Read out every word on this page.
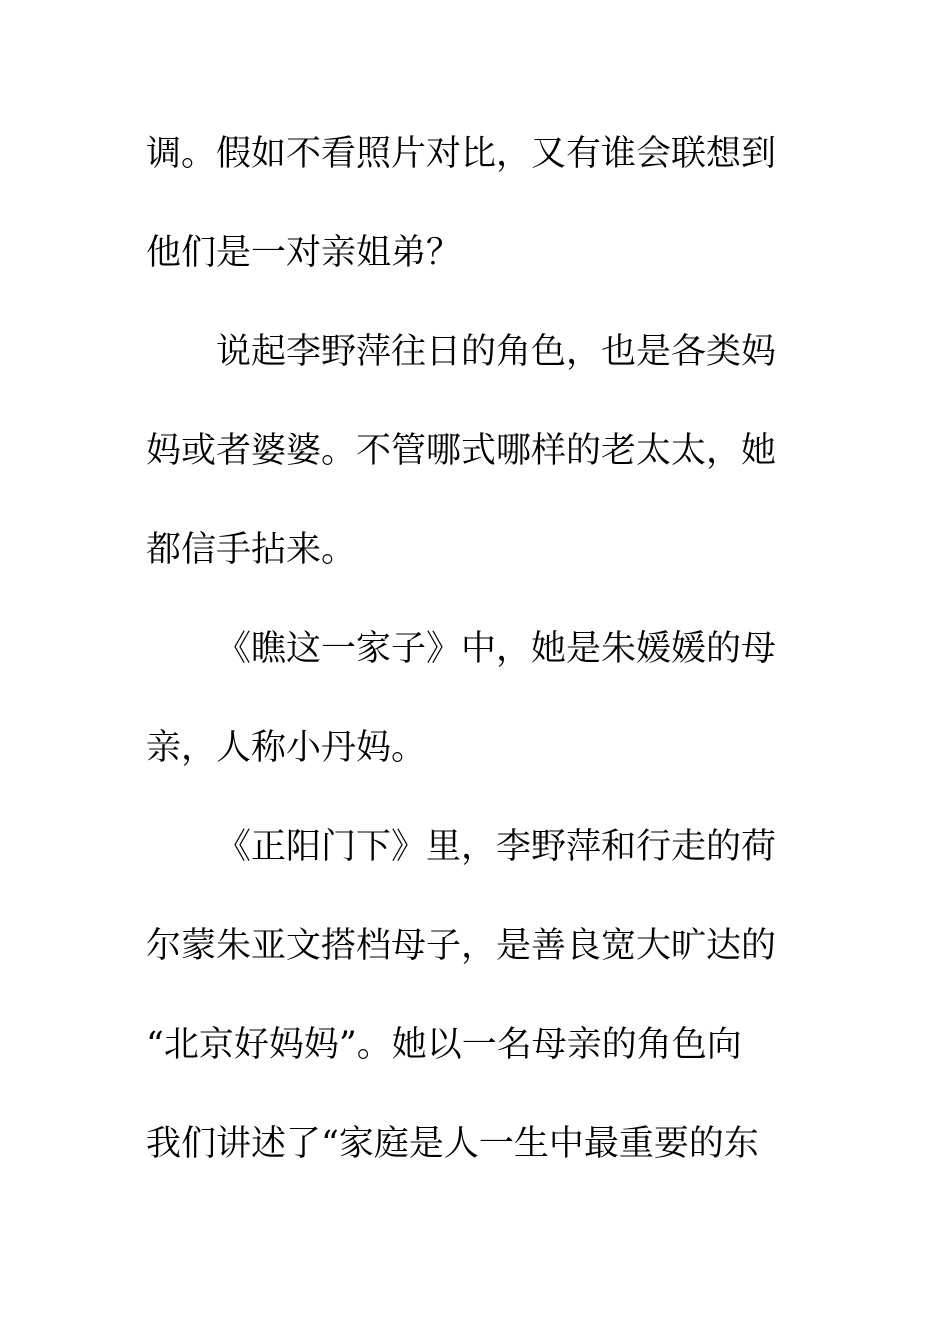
调。假如不看照片对比，又有谁会联想到
他们是一对亲姐弟？
说起李野萍往日的角色，也是各类妈
妈或者婆婆。不管哪式哪样的老太太，她
都信手拈来。
《瞧这一家子》中，她是朱媛媛的母
亲，人称小丹妈。
《正阳门下》里，李野萍和行走的荷
尔蒙朱亚文搭档母子，是善良宽大旷达的
“北京好妈妈”。她以一名母亲的角色向
我们讲述了“家庭是人一生中最重要的东
